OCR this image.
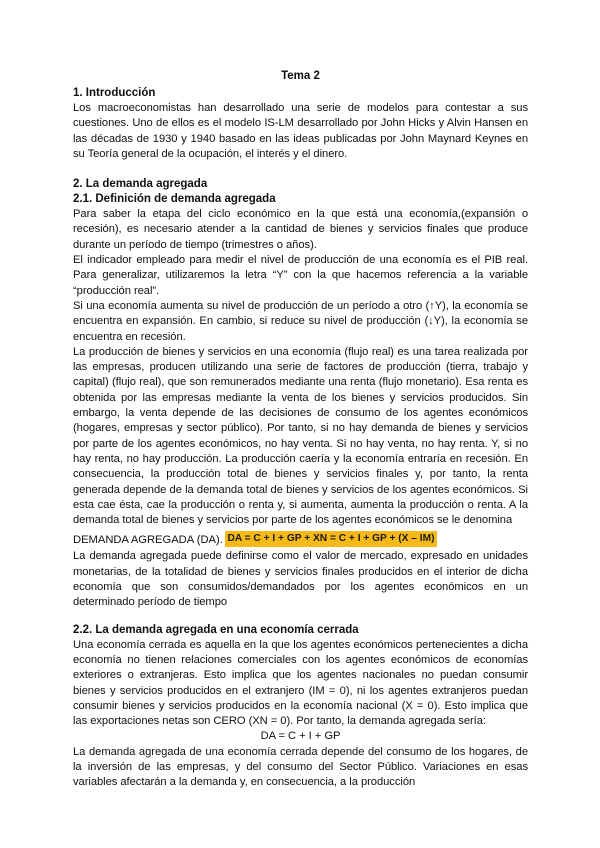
Tema 2
1. Introducción

Los macroeconomistas han desarrollado una serie de modelos para contestar a sus cuestiones. Uno de ellos es el modelo IS-LM desarrollado por John Hicks y Alvin Hansen en las décadas de 1930 y 1940 basado en las ideas publicadas por John Maynard Keynes en su Teoría general de la ocupación, el interés y el dinero.

2. La demanda agregada
2.1. Definición de demanda agregada

Para saber la etapa del ciclo económico en la que está una economía,(expansión o recesión), es necesario atender a la cantidad de bienes y servicios finales que produce durante un período de tiempo (trimestres o años).

El indicador empleado para medir el nivel de producción de una economía es el PIB real. Para generalizar, utilizaremos la letra “Y” con la que hacemos referencia a la variable “producción real”.

Si una economía aumenta su nivel de producción de un período a otro (↑Y), la economía se encuentra en expansión. En cambio, si reduce su nivel de producción (↓Y), la economía se encuentra en recesión.

La producción de bienes y servicios en una economía (flujo real) es una tarea realizada por las empresas, producen utilizando una serie de factores de producción (tierra, trabajo y capital) (flujo real), que son remunerados mediante una renta (flujo monetario). Esa renta es obtenida por las empresas mediante la venta de los bienes y servicios producidos. Sin embargo, la venta depende de las decisiones de consumo de los agentes económicos (hogares, empresas y sector público). Por tanto, si no hay demanda de bienes y servicios por parte de los agentes económicos, no hay venta. Si no hay venta, no hay renta. Y, si no hay renta, no hay producción. La producción caería y la economía entraría en recesión. En consecuencia, la producción total de bienes y servicios finales y, por tanto, la renta generada depende de la demanda total de bienes y servicios de los agentes económicos. Si esta cae ésta, cae la producción o renta y, si aumenta, aumenta la producción o renta. A la demanda total de bienes y servicios por parte de los agentes económicos se le denomina

DEMANDA AGREGADA (DA). DA = C + I + GP + XN = C + I + GP + (X – IM)

La demanda agregada puede definirse como el valor de mercado, expresado en unidades monetarias, de la totalidad de bienes y servicios finales producidos en el interior de dicha economía que son consumidos/demandados por los agentes económicos en un determinado período de tiempo

2.2. La demanda agregada en una economía cerrada

Una economía cerrada es aquella en la que los agentes económicos pertenecientes a dicha economía no tienen relaciones comerciales con los agentes económicos de economías exteriores o extranjeras. Esto implica que los agentes nacionales no puedan consumir bienes y servicios producidos en el extranjero (IM = 0), ni los agentes extranjeros puedan consumir bienes y servicios producidos en la economía nacional (X = 0). Esto implica que las exportaciones netas son CERO (XN = 0). Por tanto, la demanda agregada sería:

DA = C + I + GP

La demanda agregada de una economía cerrada depende del consumo de los hogares, de la inversión de las empresas, y del consumo del Sector Público. Variaciones en esas variables afectarán a la demanda y, en consecuencia, a la producción
